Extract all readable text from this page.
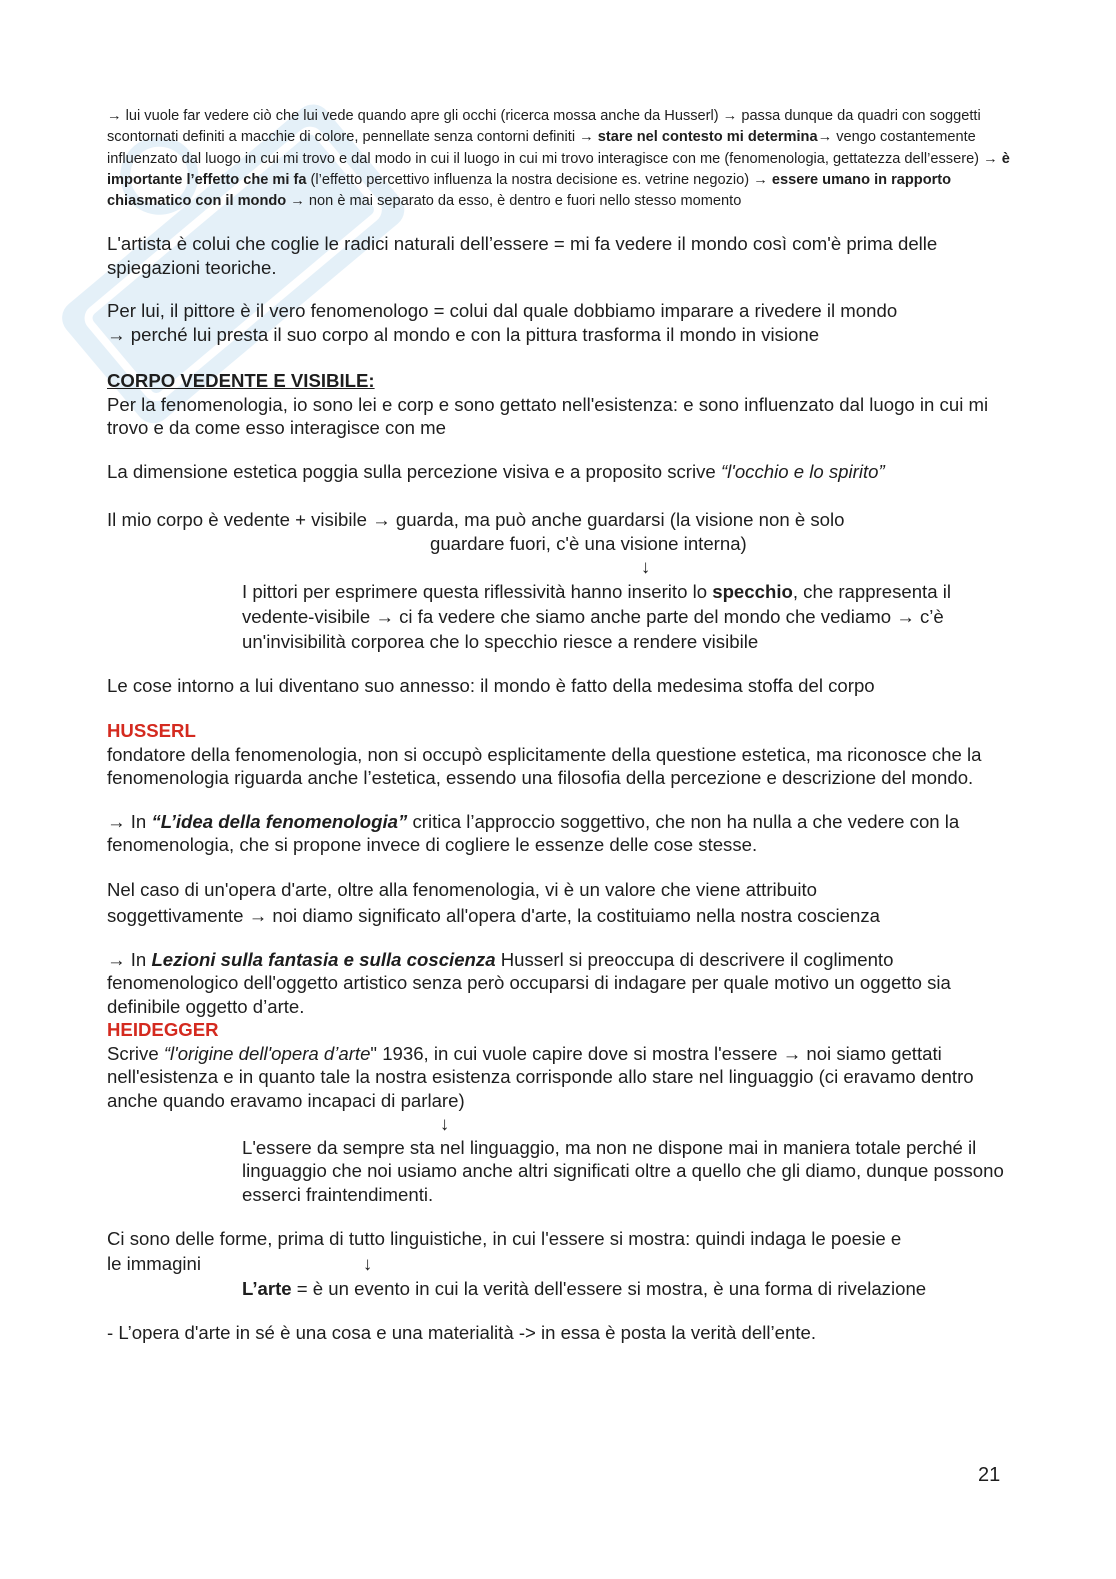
→ lui vuole far vedere ciò che lui vede quando apre gli occhi (ricerca mossa anche da Husserl) → passa dunque da quadri con soggetti scontornati definiti a macchie di colore, pennellate senza contorni definiti → stare nel contesto mi determina→ vengo costantemente influenzato dal luogo in cui mi trovo e dal modo in cui il luogo in cui mi trovo interagisce con me (fenomenologia, gettatezza dell’essere) → è importante l’effetto che mi fa (l’effetto percettivo influenza la nostra decisione es. vetrine negozio) → essere umano in rapporto chiasmatico con il mondo → non è mai separato da esso, è dentro e fuori nello stesso momento

L'artista è colui che coglie le radici naturali dell’essere = mi fa vedere il mondo così com'è prima delle spiegazioni teoriche.

Per lui, il pittore è il vero fenomenologo = colui dal quale dobbiamo imparare a rivedere il mondo

→ perché lui presta il suo corpo al mondo e con la pittura trasforma il mondo in visione

CORPO VEDENTE E VISIBILE:

Per la fenomenologia, io sono lei e corp e sono gettato nell'esistenza: e sono influenzato dal luogo in cui mi trovo e da come esso interagisce con me

La dimensione estetica poggia sulla percezione visiva e a proposito scrive “l'occhio e lo spirito”

Il mio corpo è vedente + visibile → guarda, ma può anche guardarsi (la visione non è solo

guardare fuori, c'è una visione interna)

↓

I pittori per esprimere questa riflessività hanno inserito lo specchio, che rappresenta il vedente-visibile → ci fa vedere che siamo anche parte del mondo che vediamo → c’è un'invisibilità corporea che lo specchio riesce a rendere visibile

Le cose intorno a lui diventano suo annesso: il mondo è fatto della medesima stoffa del corpo

HUSSERL

fondatore della fenomenologia, non si occupò esplicitamente della questione estetica, ma riconosce che la fenomenologia riguarda anche l’estetica, essendo una filosofia della percezione e descrizione del mondo.

→ In “L’idea della fenomenologia” critica l’approccio soggettivo, che non ha nulla a che vedere con la fenomenologia, che si propone invece di cogliere le essenze delle cose stesse.

Nel caso di un'opera d'arte, oltre alla fenomenologia, vi è un valore che viene attribuito

soggettivamente → noi diamo significato all'opera d'arte, la costituiamo nella nostra coscienza

→ In Lezioni sulla fantasia e sulla coscienza Husserl si preoccupa di descrivere il coglimento fenomenologico dell'oggetto artistico senza però occuparsi di indagare per quale motivo un oggetto sia definibile oggetto d’arte.

HEIDEGGER

Scrive “l'origine dell'opera d’arte" 1936, in cui vuole capire dove si mostra l'essere → noi siamo gettati nell'esistenza e in quanto tale la nostra esistenza corrisponde allo stare nel linguaggio (ci eravamo dentro anche quando eravamo incapaci di parlare)

↓

L'essere da sempre sta nel linguaggio, ma non ne dispone mai in maniera totale perché il linguaggio che noi usiamo anche altri significati oltre a quello che gli diamo, dunque possono esserci fraintendimenti.

Ci sono delle forme, prima di tutto linguistiche, in cui l'essere si mostra: quindi indaga le poesie e

le immagini	↓

L’arte = è un evento in cui la verità dell'essere si mostra, è una forma di rivelazione

- L’opera d'arte in sé è una cosa e una materialità -> in essa è posta la verità dell’ente.

21
